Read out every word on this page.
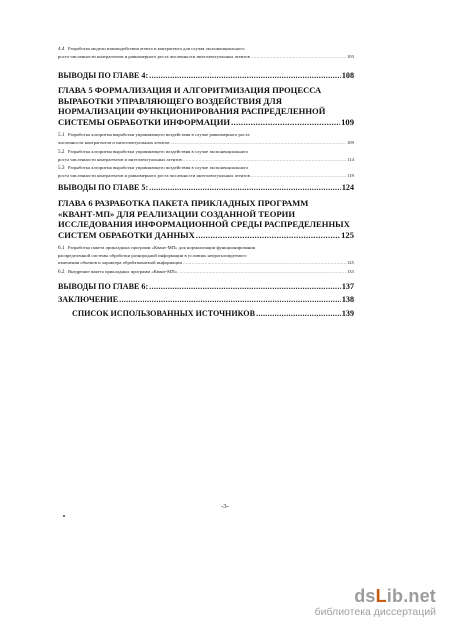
4.4 Разработка модели взаимодействия агента и контрагента для случая экспоненциального
роста численности контрагентов и равномерного роста численности интеллектуальных агентов .....	103
ВЫВОДЫ ПО ГЛАВЕ 4: .....	108
ГЛАВА 5 ФОРМАЛИЗАЦИЯ И АЛГОРИТМИЗАЦИЯ ПРОЦЕССА
ВЫРАБОТКИ УПРАВЛЯЮЩЕГО ВОЗДЕЙСТВИЯ ДЛЯ
НОРМАЛИЗАЦИИ ФУНКЦИОНИРОВАНИЯ РАСПРЕДЕЛЕННОЙ
СИСТЕМЫ ОБРАБОТКИ ИНФОРМАЦИИ .....	109
5.1 Разработка алгоритма выработки управляющего воздействия в случае равномерного роста
численности контрагентов и интеллектуальных агентов .....	109
5.2 Разработка алгоритма выработки управляющего воздействия в случае экспоненциального
роста численности контрагентов и интеллектуальных агентов .....	114
5.3 Разработка алгоритма выработки управляющего воздействия в случае экспоненциального
роста численности контрагентов и равномерного роста численности интеллектуальных агентов .....	119
ВЫВОДЫ ПО ГЛАВЕ 5: .....	124
ГЛАВА 6 РАЗРАБОТКА ПАКЕТА ПРИКЛАДНЫХ ПРОГРАММ
«КВАНТ-МП» ДЛЯ РЕАЛИЗАЦИИ СОЗДАННОЙ ТЕОРИИ
ИССЛЕДОВАНИЯ ИНФОРМАЦИОННОЙ СРЕДЫ РАСПРЕДЕЛЕННЫХ
СИСТЕМ ОБРАБОТКИ ДАННЫХ .....	125
6.1 Разработка пакета прикладных программ «Квант-МП» для нормализации функционирования
распределенной системы обработки разнородной информации в условиях непрогнозируемого
изменения объемов и характера обрабатываемой информации .....	125
6.2 Внедрение пакета прикладных программ «Квант-МП» .....	133
ВЫВОДЫ ПО ГЛАВЕ 6: .....	137
ЗАКЛЮЧЕНИЕ .....	138
СПИСОК ИСПОЛЬЗОВАННЫХ ИСТОЧНИКОВ .....	139
-3-
dsLib.net
библиотека диссертаций
